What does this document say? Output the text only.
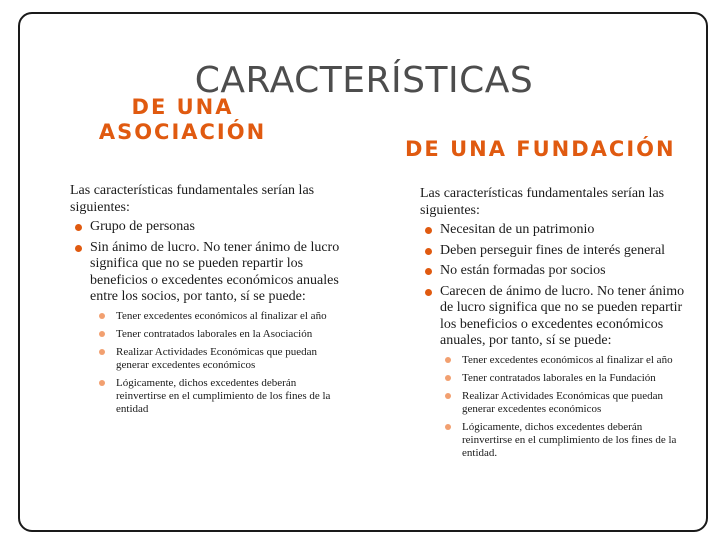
CARACTERÍSTICAS
DE UNA
ASOCIACIÓN

Las características fundamentales serían las siguientes:

Grupo de personas
Sin ánimo de lucro. No tener ánimo de lucro significa que no se pueden repartir los beneficios o excedentes económicos anuales entre los socios, por tanto, sí se puede:
Tener excedentes económicos al finalizar el año
Tener contratados laborales en la Asociación
Realizar Actividades Económicas que puedan generar excedentes económicos
Lógicamente, dichos excedentes deberán reinvertirse en el cumplimiento de los fines de la entidad
DE UNA FUNDACIÓN

Las características fundamentales serían las siguientes:

Necesitan de un patrimonio
Deben perseguir fines de interés general
No están formadas por socios
Carecen de ánimo de lucro. No tener ánimo de lucro significa que no se pueden repartir los beneficios o excedentes económicos anuales, por tanto, sí se puede:
Tener excedentes económicos al finalizar el año
Tener contratados laborales en la Fundación
Realizar Actividades Económicas que puedan generar excedentes económicos
Lógicamente, dichos excedentes deberán reinvertirse en el cumplimiento de los fines de la entidad.
